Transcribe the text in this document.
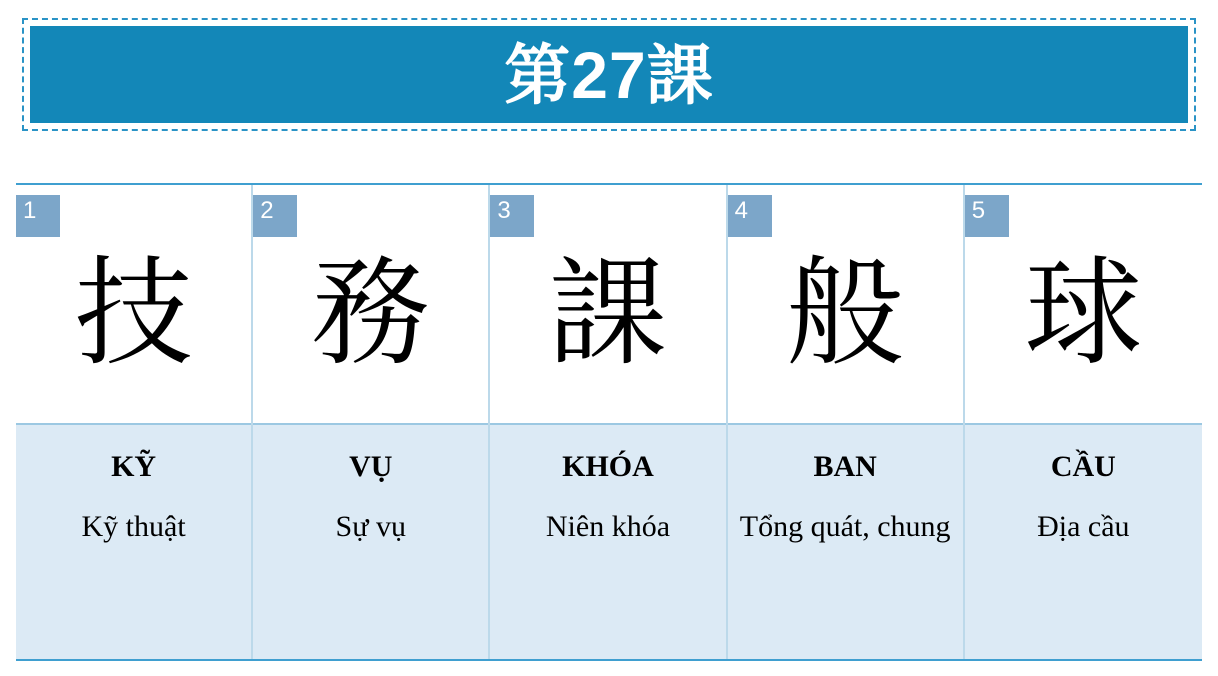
第27課
1
技
KỸ
Kỹ thuật
2
務
VỤ
Sự vụ
3
課
KHÓA
Niên khóa
4
般
BAN
Tổng quát, chung
5
球
CẦU
Địa cầu
